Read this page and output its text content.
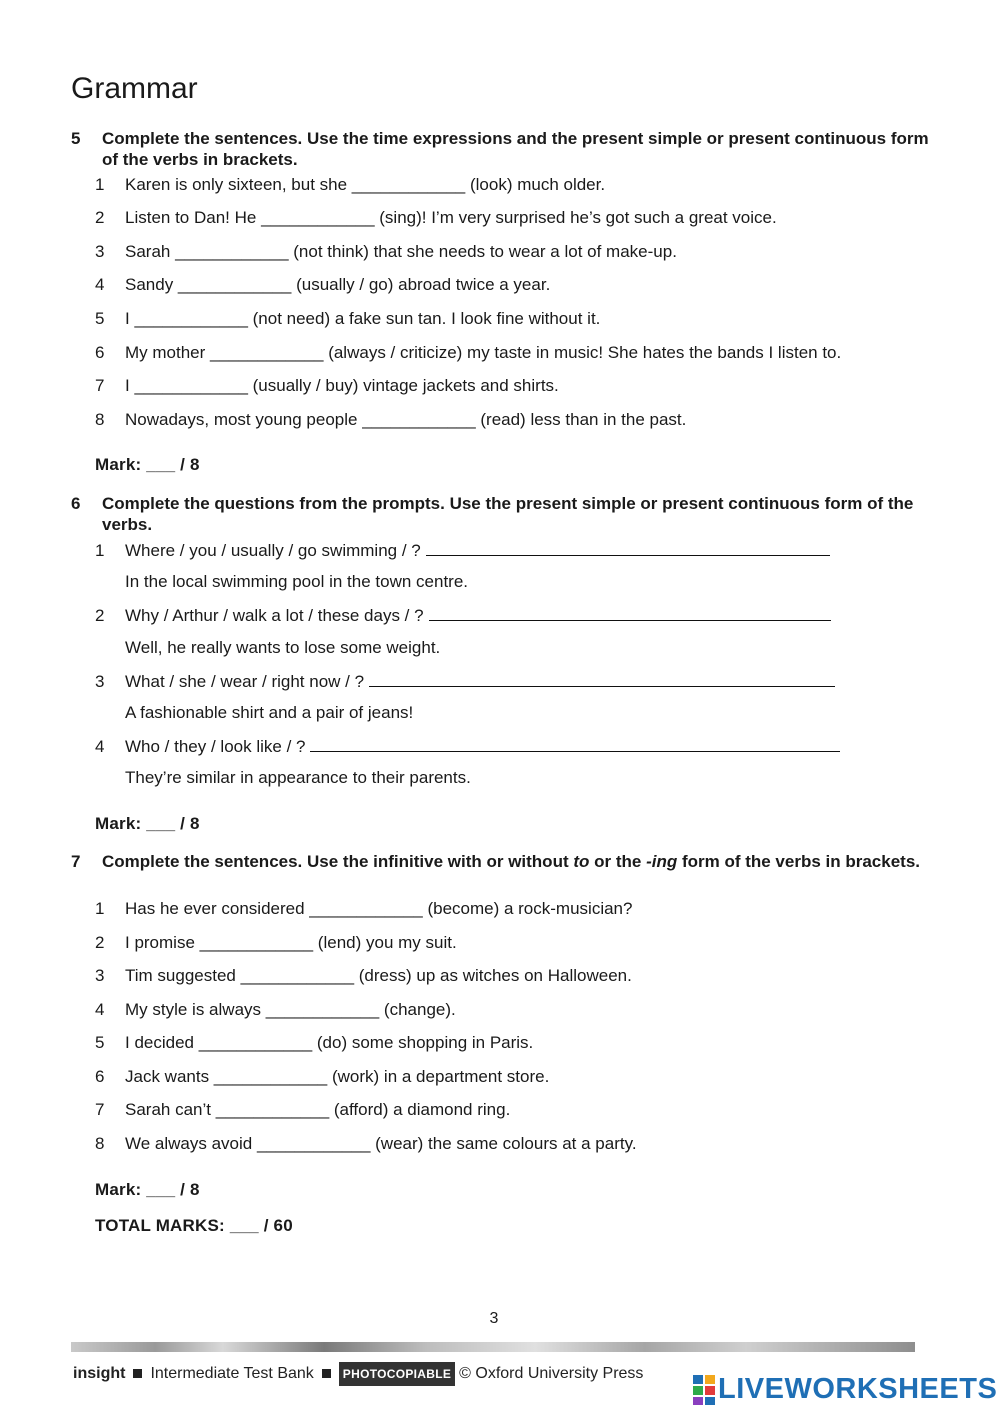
Grammar
5 Complete the sentences. Use the time expressions and the present simple or present continuous form of the verbs in brackets.
1 Karen is only sixteen, but she ____________ (look) much older.
2 Listen to Dan! He ____________ (sing)! I’m very surprised he’s got such a great voice.
3 Sarah ____________ (not think) that she needs to wear a lot of make-up.
4 Sandy ____________ (usually / go) abroad twice a year.
5 I ____________ (not need) a fake sun tan. I look fine without it.
6 My mother ____________ (always / criticize) my taste in music! She hates the bands I listen to.
7 I ____________ (usually / buy) vintage jackets and shirts.
8 Nowadays, most young people ____________ (read) less than in the past.
Mark: ___ / 8
6 Complete the questions from the prompts. Use the present simple or present continuous form of the verbs.
1 Where / you / usually / go swimming / ?
In the local swimming pool in the town centre.
2 Why / Arthur / walk a lot / these days / ?
Well, he really wants to lose some weight.
3 What / she / wear / right now / ?
A fashionable shirt and a pair of jeans!
4 Who / they / look like / ?
They’re similar in appearance to their parents.
Mark: ___ / 8
7 Complete the sentences. Use the infinitive with or without to or the -ing form of the verbs in brackets.
1 Has he ever considered ____________ (become) a rock-musician?
2 I promise ____________ (lend) you my suit.
3 Tim suggested ____________ (dress) up as witches on Halloween.
4 My style is always ____________ (change).
5 I decided ____________ (do) some shopping in Paris.
6 Jack wants ____________ (work) in a department store.
7 Sarah can’t ____________ (afford) a diamond ring.
8 We always avoid ____________ (wear) the same colours at a party.
Mark: ___ / 8
TOTAL MARKS: ___ / 60
3
insight Intermediate Test Bank PHOTOCOPIABLE © Oxford University Press	LIVEWORKSHEETS
